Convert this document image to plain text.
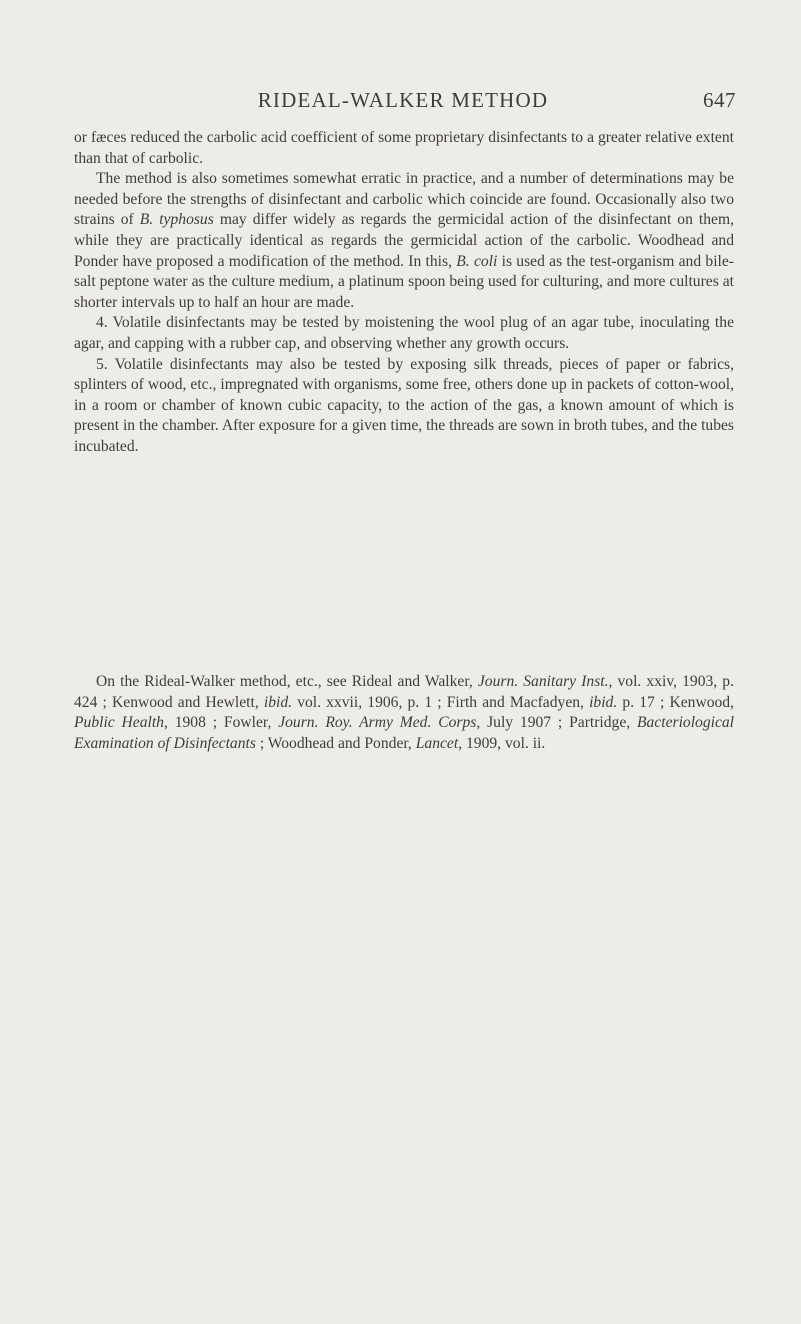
RIDEAL-WALKER METHOD	647

or fæces reduced the carbolic acid coefficient of some proprietary disinfectants to a greater relative extent than that of carbolic.

The method is also sometimes somewhat erratic in practice, and a number of determinations may be needed before the strengths of disinfectant and carbolic which coincide are found. Occasionally also two strains of B. typhosus may differ widely as regards the germicidal action of the disinfectant on them, while they are practically identical as regards the germicidal action of the carbolic. Woodhead and Ponder have proposed a modification of the method. In this, B. coli is used as the test-organism and bile-salt peptone water as the culture medium, a platinum spoon being used for culturing, and more cultures at shorter intervals up to half an hour are made.

4. Volatile disinfectants may be tested by moistening the wool plug of an agar tube, inoculating the agar, and capping with a rubber cap, and observing whether any growth occurs.

5. Volatile disinfectants may also be tested by exposing silk threads, pieces of paper or fabrics, splinters of wood, etc., impregnated with organisms, some free, others done up in packets of cotton-wool, in a room or chamber of known cubic capacity, to the action of the gas, a known amount of which is present in the chamber. After exposure for a given time, the threads are sown in broth tubes, and the tubes incubated.

On the Rideal-Walker method, etc., see Rideal and Walker, Journ. Sanitary Inst., vol. xxiv, 1903, p. 424 ; Kenwood and Hewlett, ibid. vol. xxvii, 1906, p. 1 ; Firth and Macfadyen, ibid. p. 17 ; Kenwood, Public Health, 1908 ; Fowler, Journ. Roy. Army Med. Corps, July 1907 ; Partridge, Bacteriological Examination of Disinfectants ; Woodhead and Ponder, Lancet, 1909, vol. ii.
